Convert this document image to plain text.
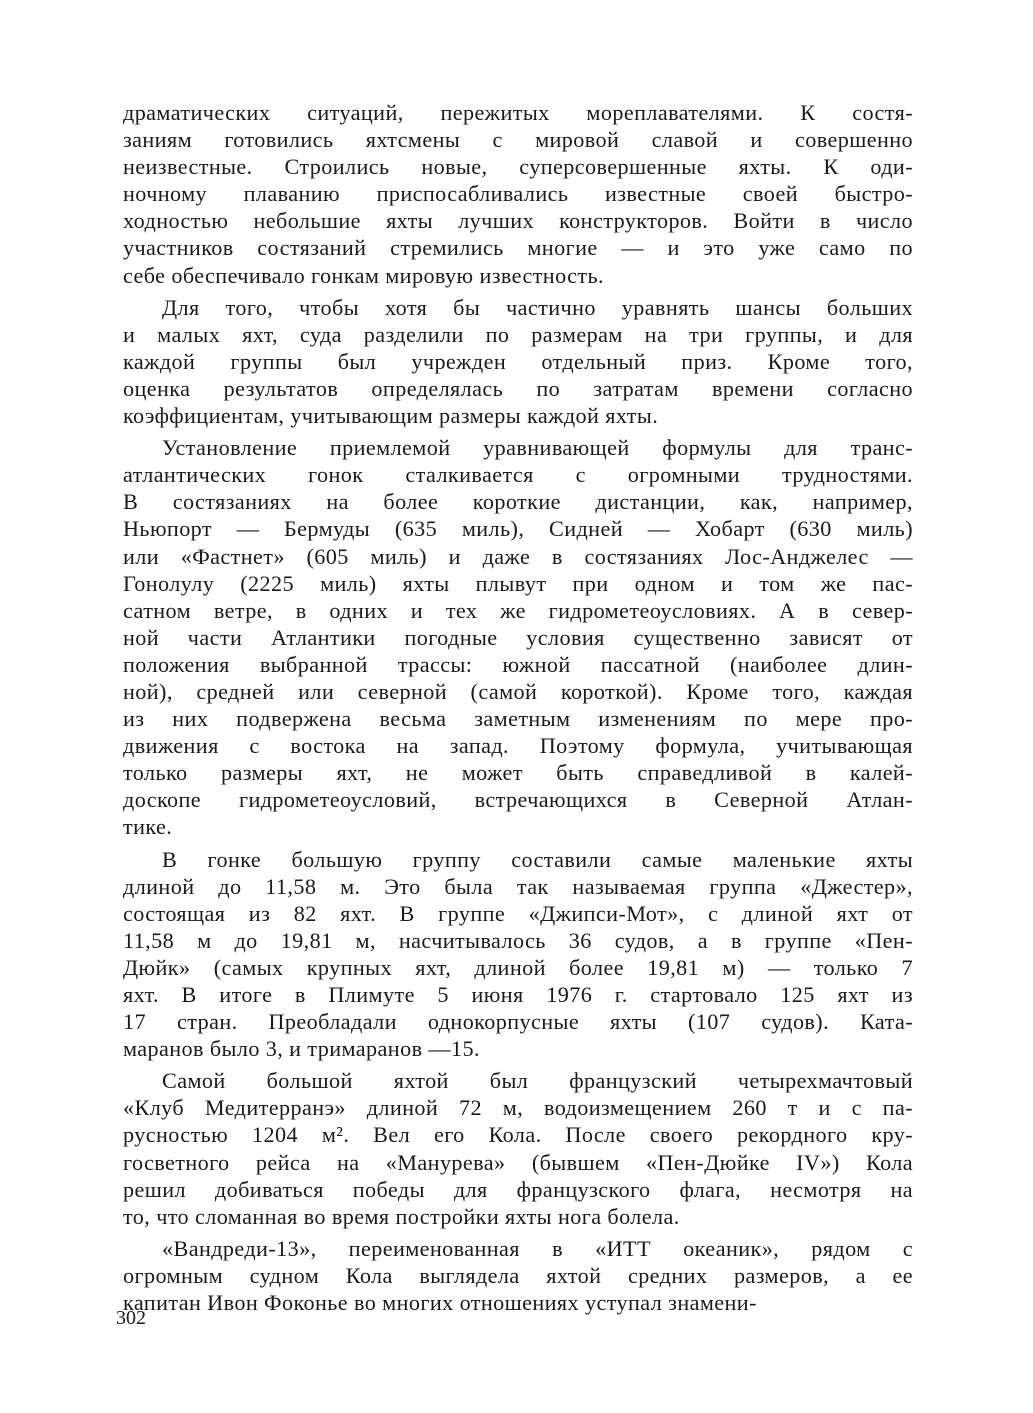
драматических ситуаций, пережитых мореплавателями. К состя-
заниям готовились яхтсмены с мировой славой и совершенно
неизвестные. Строились новые, суперсовершенные яхты. К оди-
ночному плаванию приспосабливались известные своей быстро-
ходностью небольшие яхты лучших конструкторов. Войти в число
участников состязаний стремились многие — и это уже само по
себе обеспечивало гонкам мировую известность.
Для того, чтобы хотя бы частично уравнять шансы больших
и малых яхт, суда разделили по размерам на три группы, и для
каждой группы был учрежден отдельный приз. Кроме того,
оценка результатов определялась по затратам времени согласно
коэффициентам, учитывающим размеры каждой яхты.
Установление приемлемой уравнивающей формулы для транс-
атлантических гонок сталкивается с огромными трудностями.
В состязаниях на более короткие дистанции, как, например,
Ньюпорт — Бермуды (635 миль), Сидней — Хобарт (630 миль)
или «Фастнет» (605 миль) и даже в состязаниях Лос-Анджелес —
Гонолулу (2225 миль) яхты плывут при одном и том же пас-
сатном ветре, в одних и тех же гидрометеоусловиях. А в север-
ной части Атлантики погодные условия существенно зависят от
положения выбранной трассы: южной пассатной (наиболее длин-
ной), средней или северной (самой короткой). Кроме того, каждая
из них подвержена весьма заметным изменениям по мере про-
движения с востока на запад. Поэтому формула, учитывающая
только размеры яхт, не может быть справедливой в калей-
доскопе гидрометеоусловий, встречающихся в Северной Атлан-
тике.
В гонке большую группу составили самые маленькие яхты
длиной до 11,58 м. Это была так называемая группа «Джестер»,
состоящая из 82 яхт. В группе «Джипси-Мот», с длиной яхт от
11,58 м до 19,81 м, насчитывалось 36 судов, а в группе «Пен-
Дюйк» (самых крупных яхт, длиной более 19,81 м) — только 7
яхт. В итоге в Плимуте 5 июня 1976 г. стартовало 125 яхт из
17 стран. Преобладали однокорпусные яхты (107 судов). Ката-
маранов было 3, и тримаранов —15.
Самой большой яхтой был французский четырехмачтовый
«Клуб Медитерранэ» длиной 72 м, водоизмещением 260 т и с па-
русностью 1204 м². Вел его Кола. После своего рекордного кру-
госветного рейса на «Манурева» (бывшем «Пен-Дюйке IV») Кола
решил добиваться победы для французского флага, несмотря на
то, что сломанная во время постройки яхты нога болела.
«Вандреди-13», переименованная в «ИТТ океаник», рядом с
огромным судном Кола выглядела яхтой средних размеров, а ее
капитан Ивон Фоконье во многих отношениях уступал знамени-
302
